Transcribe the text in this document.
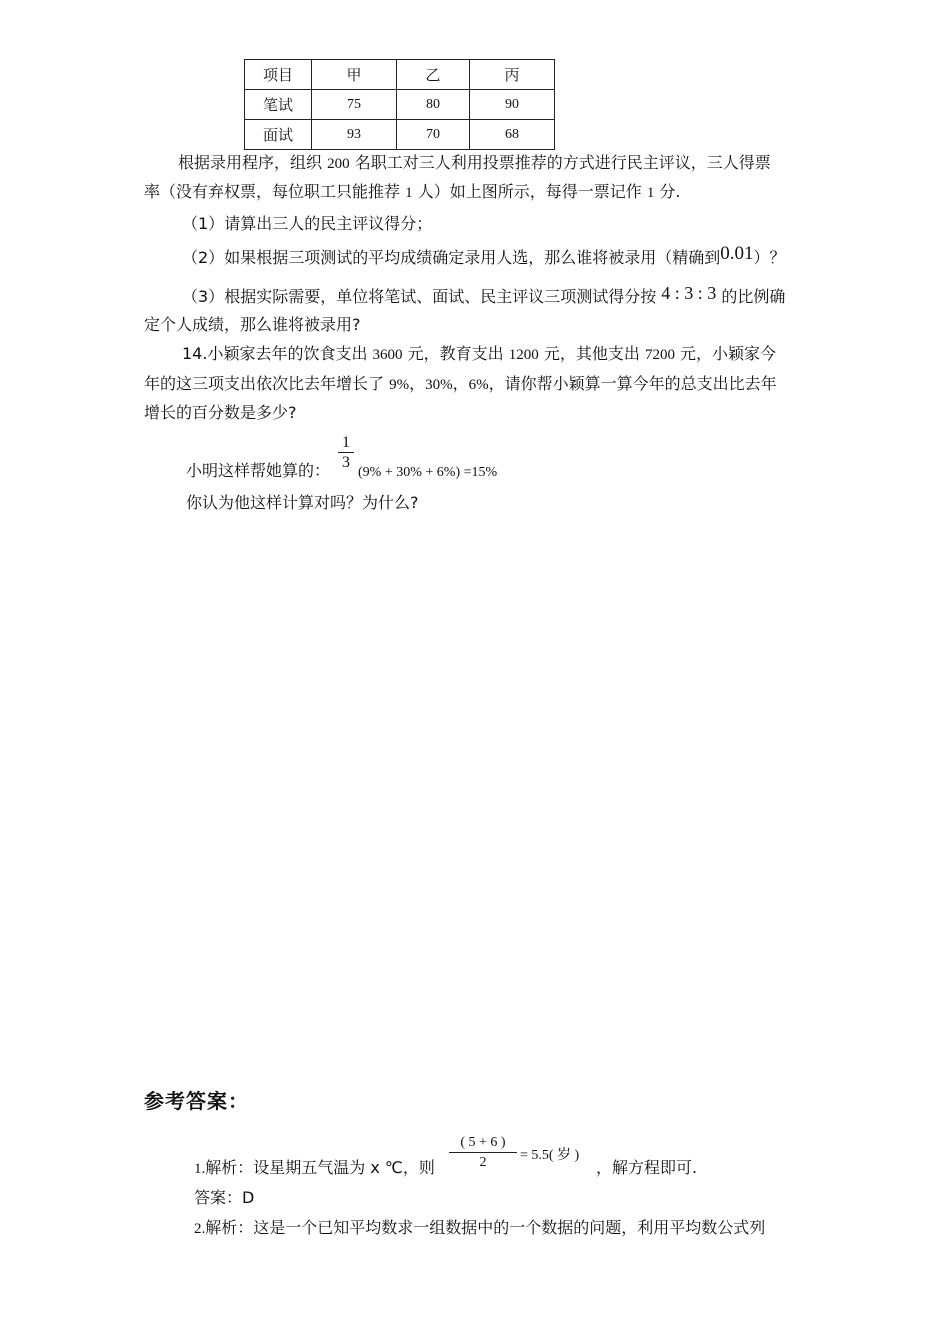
项目	甲	乙	丙
笔试	75	80	90
面试	93	70	68
根据录用程序，组织 200 名职工对三人利用投票推荐的方式进行民主评议，三人得票
率（没有弃权票，每位职工只能推荐 1 人）如上图所示，每得一票记作 1 分.
（1）请算出三人的民主评议得分；
（2）如果根据三项测试的平均成绩确定录用人选，那么谁将被录用（精确到0.01）？
（3）根据实际需要，单位将笔试、面试、民主评议三项测试得分按 4 : 3 : 3 的比例确
定个人成绩，那么谁将被录用?
14.小颖家去年的饮食支出 3600 元，教育支出 1200 元，其他支出 7200 元，小颖家今
年的这三项支出依次比去年增长了 9%，30%，6%，请你帮小颖算一算今年的总支出比去年
增长的百分数是多少?
小明这样帮她算的： $\frac{1}{3} (9\% + 30\% + 6\%) =15\%$
你认为他这样计算对吗？为什么?
参考答案：
1.解析：设星期五气温为 x ℃，则 $\frac{( 5 + 6 )}{2} = 5.5$( 岁 )
，解方程即可.
答案：D
2.解析：这是一个已知平均数求一组数据中的一个数据的问题，利用平均数公式列
